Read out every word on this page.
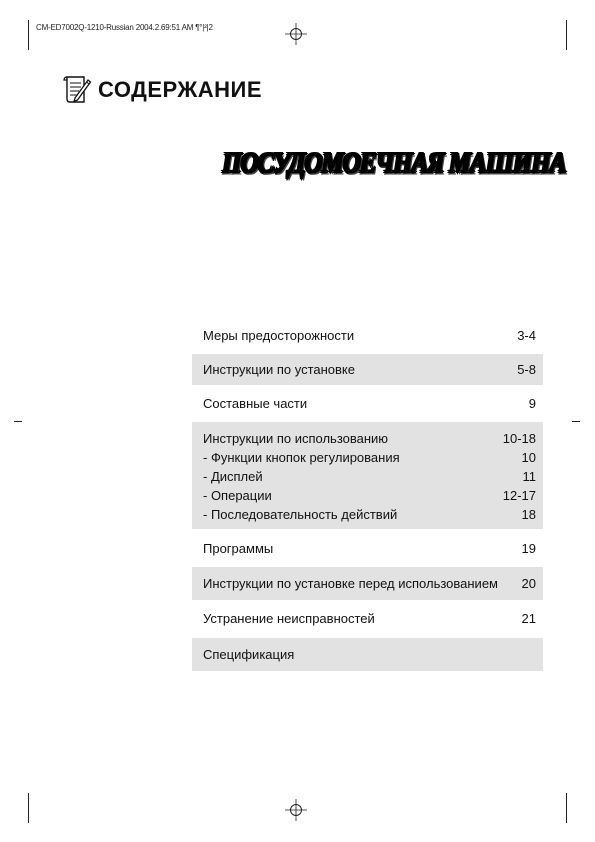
CM-ED7002Q-1210-Russian 2004.2.69:51 AM ¶°|²|2
СОДЕРЖАНИЕ
ПОСУДОМОЕЧНАЯ МАШИНА
Меры предосторожности	3-4
Инструкции по установке	5-8
Составные части	9
Инструкции по использованию	10-18
- Функции кнопок регулирования	10
- Дисплей	11
- Операции	12-17
- Последовательность действий	18
Программы	19
Инструкции по установке перед использованием 20
Устранение неисправностей	21
Спецификация
